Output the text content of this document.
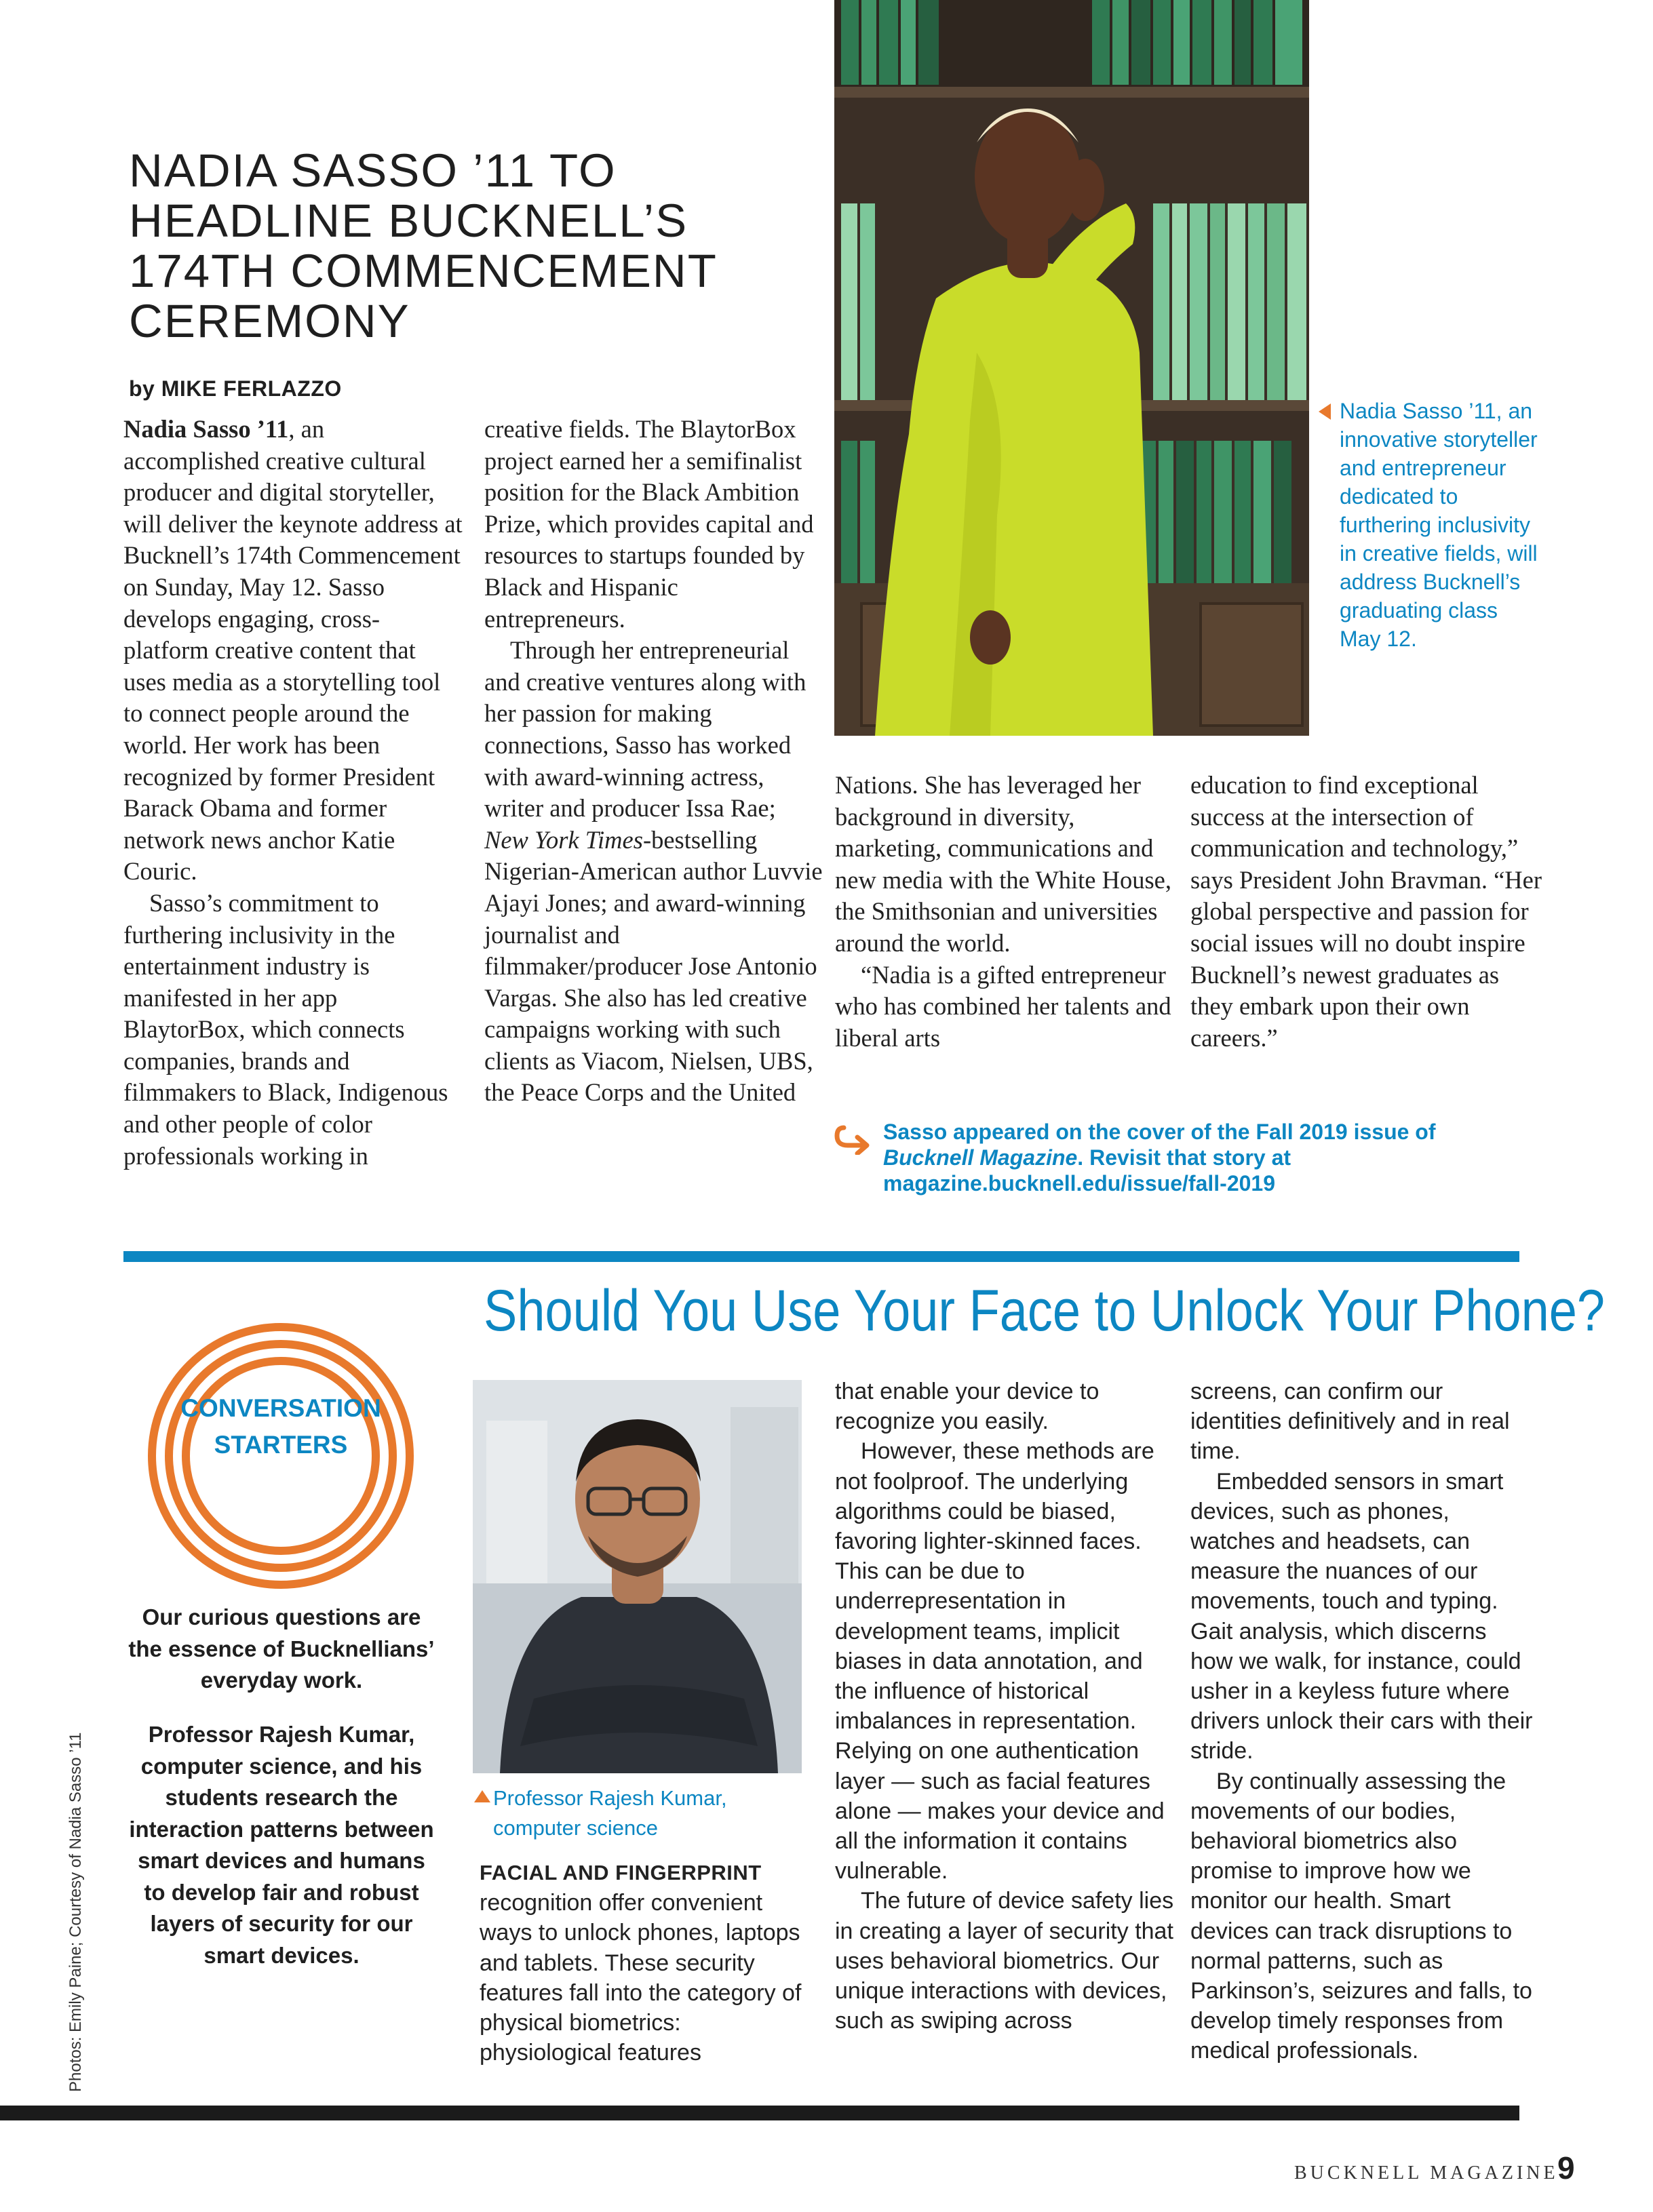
NADIA SASSO ’11 TO
HEADLINE BUCKNELL’S
174TH COMMENCEMENT
CEREMONY
by MIKE FERLAZZO

Nadia Sasso ’11, an accomplished creative cultural producer and digital storyteller, will deliver the keynote address at Bucknell’s 174th Commencement on Sunday, May 12. Sasso develops engaging, cross-platform creative content that uses media as a storytelling tool to connect people around the world. Her work has been recognized by former President Barack Obama and former network news anchor Katie Couric.

Sasso’s commitment to furthering inclusivity in the entertainment industry is manifested in her app BlaytorBox, which connects companies, brands and filmmakers to Black, Indigenous and other people of color professionals working in

creative fields. The BlaytorBox project earned her a semifinalist position for the Black Ambition Prize, which provides capital and resources to startups founded by Black and Hispanic entrepreneurs.

Through her entrepreneurial and creative ventures along with her passion for making connections, Sasso has worked with award-winning actress, writer and producer Issa Rae; New York Times-bestselling Nigerian-American author Luvvie Ajayi Jones; and award-winning journalist and filmmaker/producer Jose Antonio Vargas. She also has led creative campaigns working with such clients as Viacom, Nielsen, UBS, the Peace Corps and the United

Nadia Sasso ’11, an innovative storyteller and entrepreneur dedicated to furthering inclusivity in creative fields, will address Bucknell’s graduating class May 12.

Nations. She has leveraged her background in diversity, marketing, communications and new media with the White House, the Smithsonian and universities around the world.

“Nadia is a gifted entrepreneur who has combined her talents and liberal arts

education to find exceptional success at the intersection of communication and technology,” says President John Bravman. “Her global perspective and passion for social issues will no doubt inspire Bucknell’s newest graduates as they embark upon their own careers.”

Sasso appeared on the cover of the Fall 2019 issue of Bucknell Magazine. Revisit that story at magazine.bucknell.edu/issue/fall-2019
Should You Use Your Face to Unlock Your Phone?
CONVERSATION
STARTERS
Our curious questions are the essence of Bucknellians’ everyday work.
Professor Rajesh Kumar, computer science, and his students research the interaction patterns between smart devices and humans to develop fair and robust layers of security for our smart devices.
Professor Rajesh Kumar, computer science

FACIAL AND FINGERPRINT

recognition offer convenient ways to unlock phones, laptops and tablets. These security features fall into the category of physical biometrics: physiological features

that enable your device to recognize you easily.

However, these methods are not foolproof. The underlying algorithms could be biased, favoring lighter-skinned faces. This can be due to underrepresentation in development teams, implicit biases in data annotation, and the influence of historical imbalances in representation. Relying on one authentication layer — such as facial features alone — makes your device and all the information it contains vulnerable.

The future of device safety lies in creating a layer of security that uses behavioral biometrics. Our unique interactions with devices, such as swiping across

screens, can confirm our identities definitively and in real time.

Embedded sensors in smart devices, such as phones, watches and headsets, can measure the nuances of our movements, touch and typing. Gait analysis, which discerns how we walk, for instance, could usher in a keyless future where drivers unlock their cars with their stride.

By continually assessing the movements of our bodies, behavioral biometrics also promise to improve how we monitor our health. Smart devices can track disruptions to normal patterns, such as Parkinson’s, seizures and falls, to develop timely responses from medical professionals.

Photos: Emily Paine; Courtesy of Nadia Sasso ’11
BUCKNELL MAGAZINE
9
